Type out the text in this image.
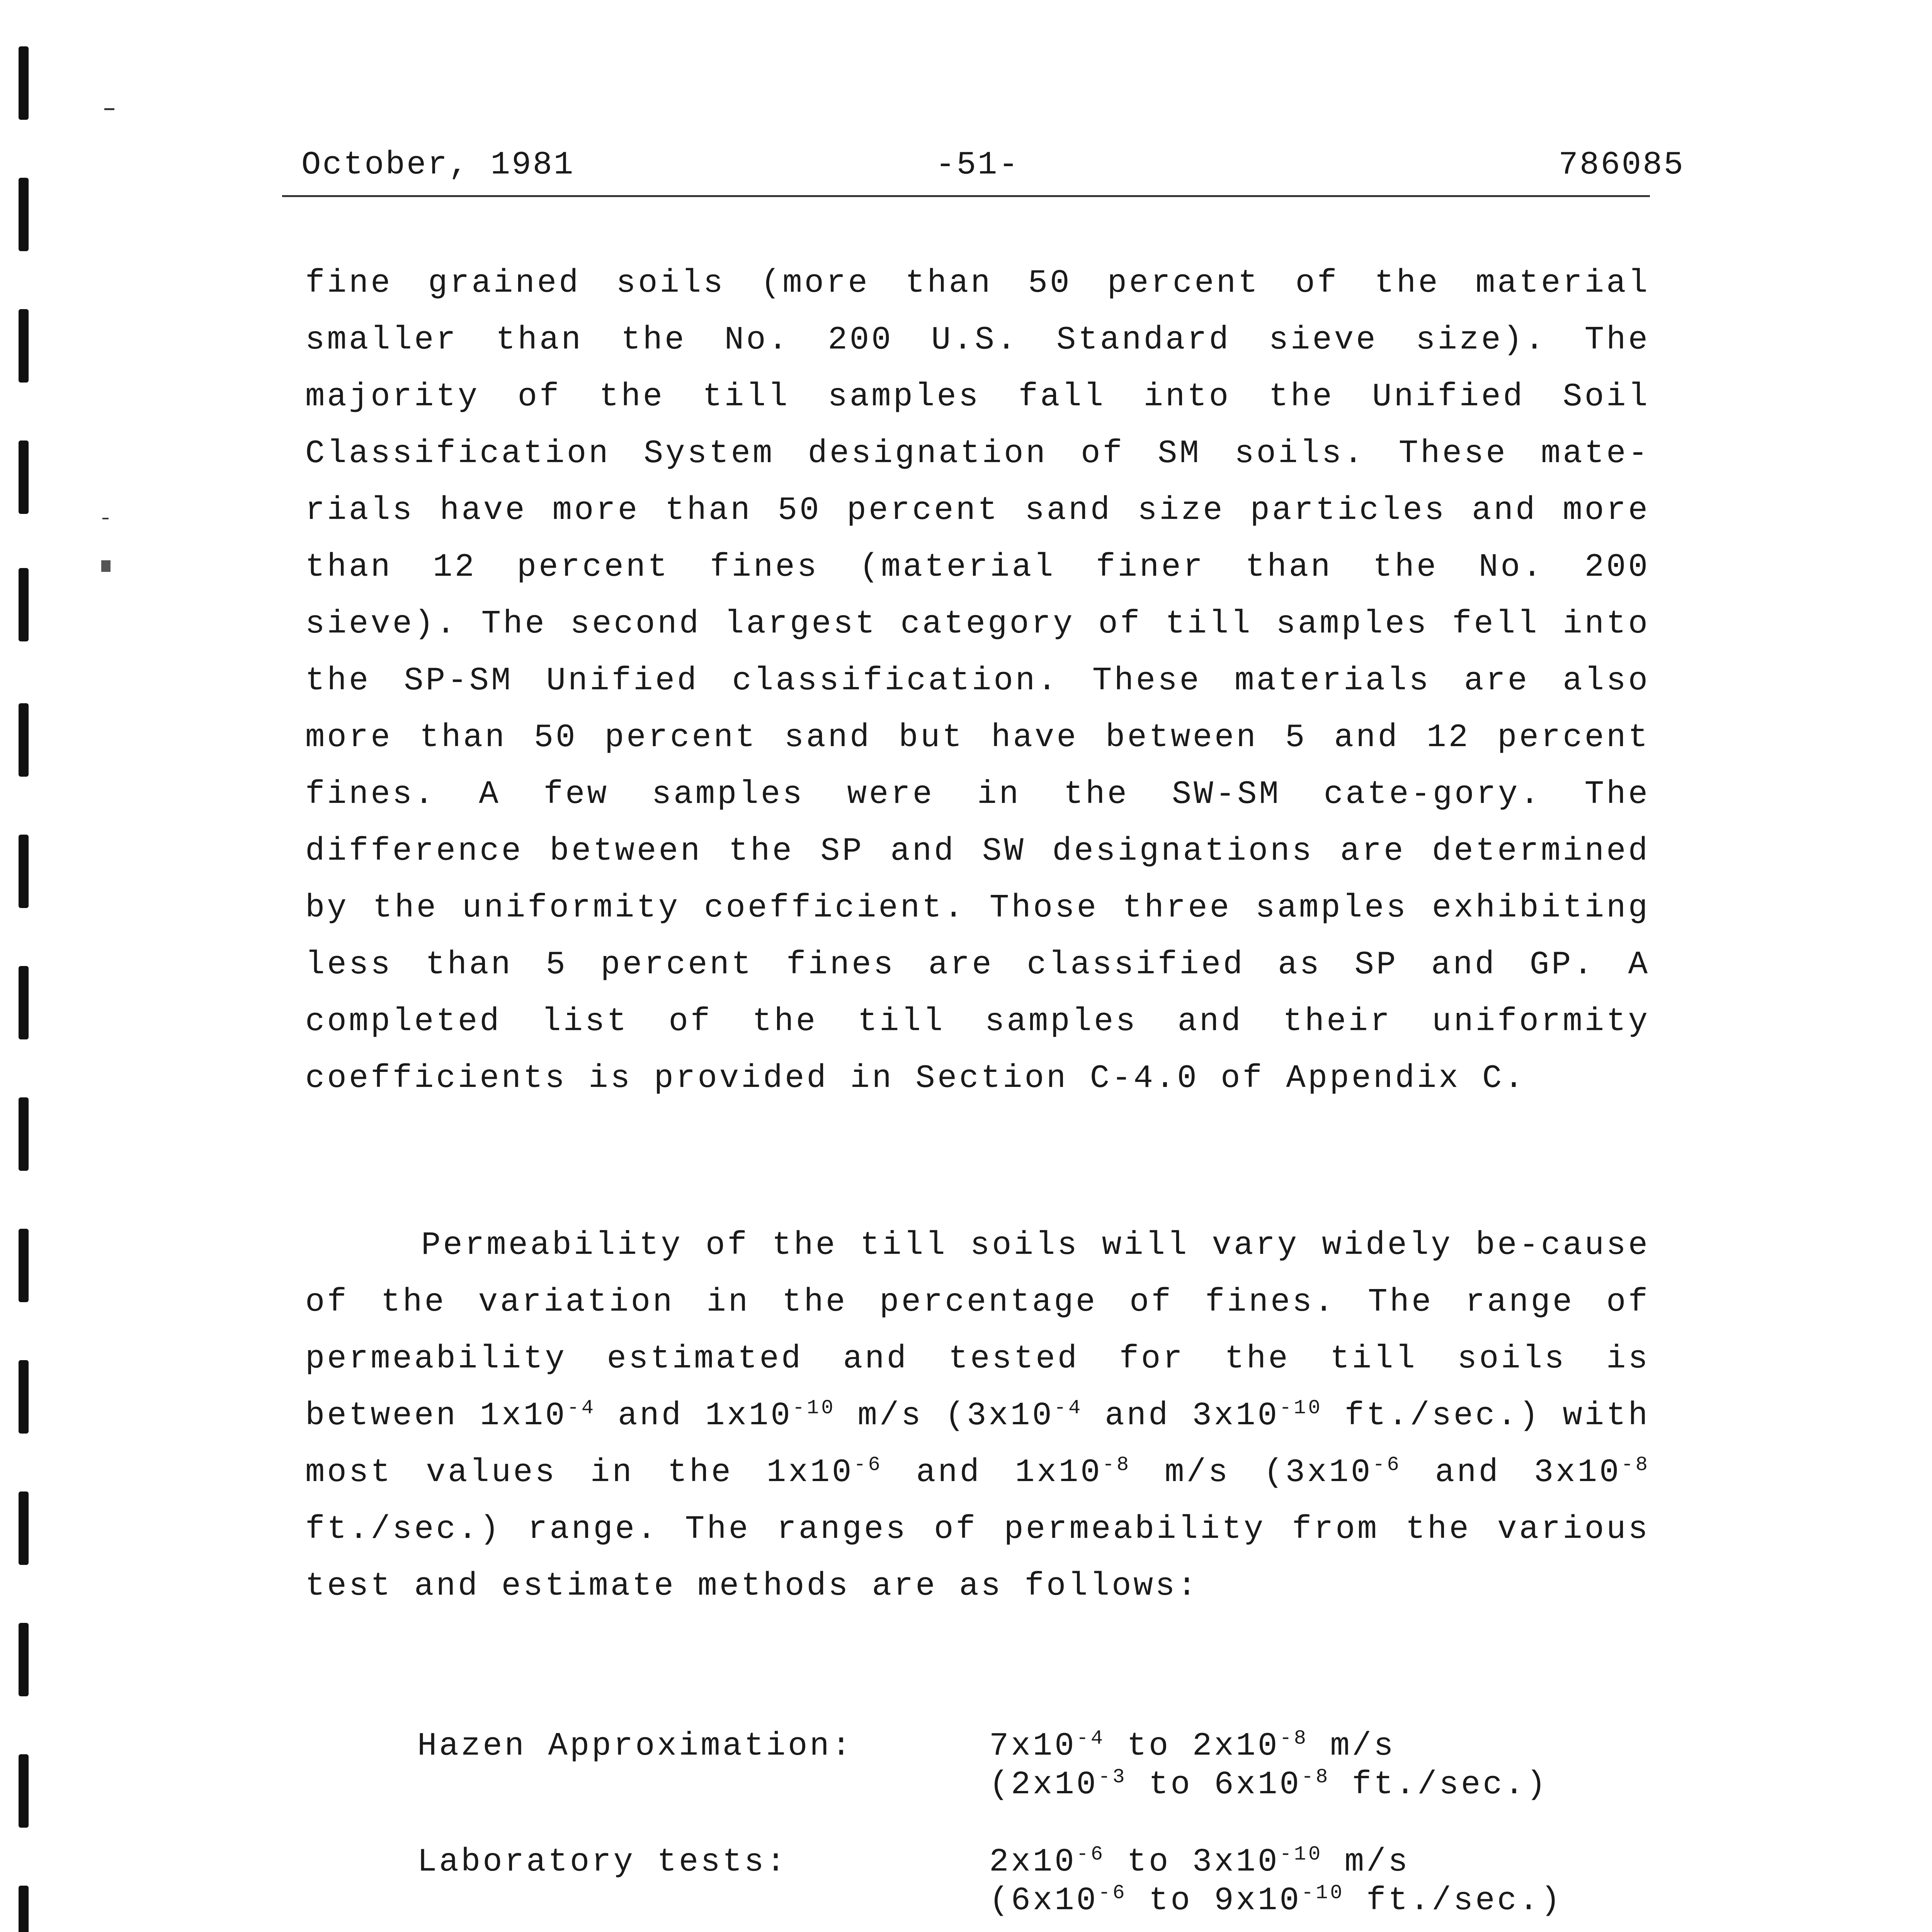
October, 1981	-51-	786085
fine grained soils (more than 50 percent of the material smaller than the No. 200 U.S. Standard sieve size). The majority of the till samples fall into the Unified Soil Classification System designation of SM soils. These mate-rials have more than 50 percent sand size particles and more than 12 percent fines (material finer than the No. 200 sieve). The second largest category of till samples fell into the SP-SM Unified classification. These materials are also more than 50 percent sand but have between 5 and 12 percent fines. A few samples were in the SW-SM cate-gory. The difference between the SP and SW designations are determined by the uniformity coefficient. Those three samples exhibiting less than 5 percent fines are classified as SP and GP. A completed list of the till samples and their uniformity coefficients is provided in Section C-4.0 of Appendix C.
Permeability of the till soils will vary widely be-cause of the variation in the percentage of fines. The range of permeability estimated and tested for the till soils is between $1x10^{-4}$ and $1x10^{-10}$ m/s ($3x10^{-4}$ and $3x10^{-10}$ ft./sec.) with most values in the $1x10^{-6}$ and $1x10^{-8}$ m/s ($3x10^{-6}$ and $3x10^{-8}$ ft./sec.) range. The ranges of permeability from the various test and estimate methods are as follows:
Hazen Approximation:	$7x10^{-4}$ to $2x10^{-8}$ m/s
($2x10^{-3}$ to $6x10^{-8}$ ft./sec.)
Laboratory tests:	$2x10^{-6}$ to $3x10^{-10}$ m/s
($6x10^{-6}$ to $9x10^{-10}$ ft./sec.)
